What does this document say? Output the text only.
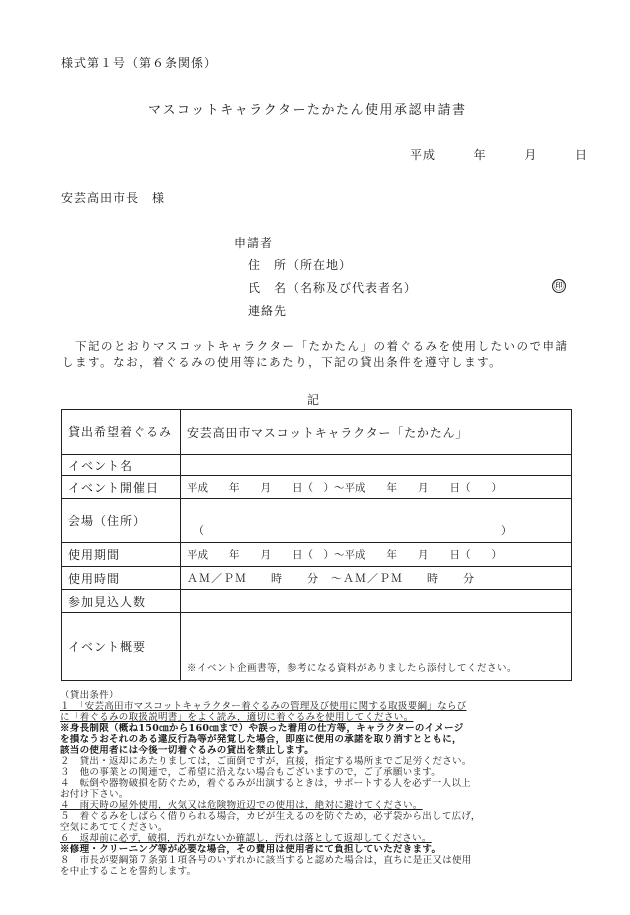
様式第１号（第６条関係）
マスコットキャラクターたかたん使用承認申請書
平成	年	月	日
安芸高田市長　様
申請者
住　所（所在地）
氏　名（名称及び代表者名）	㊞
連絡先
　下記のとおりマスコットキャラクター「たかたん」の着ぐるみを使用したいので申請します。なお，着ぐるみの使用等にあたり，下記の貸出条件を遵守します。
記
貸出希望着ぐるみ	安芸高田市マスコットキャラクター「たかたん」
イベント名	
イベント開催日	平成　　年　　月　　日（　）～平成　　年　　月　　日（　　）
会場（住所）	（　　　　　　　　　　　　　　　　　　　　　　　　　　　）
使用期間	平成　　年　　月　　日（　）～平成　　年　　月　　日（　　）
使用時間	ＡＭ／ＰＭ　　時　　分　～ＡＭ／ＰＭ　　時　　分
参加見込人数	
イベント概要	※イベント企画書等，参考になる資料がありましたら添付してください。
（貸出条件）
１　「安芸高田市マスコットキャラクター着ぐるみの管理及び使用に関する取扱要綱」ならび
に「着ぐるみの取扱説明書」をよく読み，適切に着ぐるみを使用してください。
※身長制限（概ね150㎝から160㎝まで）や誤った着用の仕方等，キャラクターのイメージ
を損なうおそれのある違反行為等が発覚した場合，即座に使用の承諾を取り消すとともに，
該当の使用者には今後一切着ぐるみの貸出を禁止します。
２　貸出・返却にあたりましては，ご面倒ですが，直接，指定する場所までご足労ください。
３　他の事業との関連で，ご希望に沿えない場合もございますので，ご了承願います。
４　転倒や器物破損を防ぐため，着ぐるみが出演するときは，サポートする人を必ず一人以上
お付け下さい。
４　雨天時の屋外使用，火気又は危険物近辺での使用は，絶対に避けてください。
５　着ぐるみをしばらく借りられる場合，カビが生えるのを防ぐため，必ず袋から出して広げ，
空気にあててください。
６　返却前に必ず，破損，汚れがないか確認し，汚れは落として返却してください。
※修理・クリーニング等が必要な場合，その費用は使用者にて負担していただきます。
８　市長が要綱第７条第１項各号のいずれかに該当すると認めた場合は，直ちに是正又は使用
を中止することを誓約します。
